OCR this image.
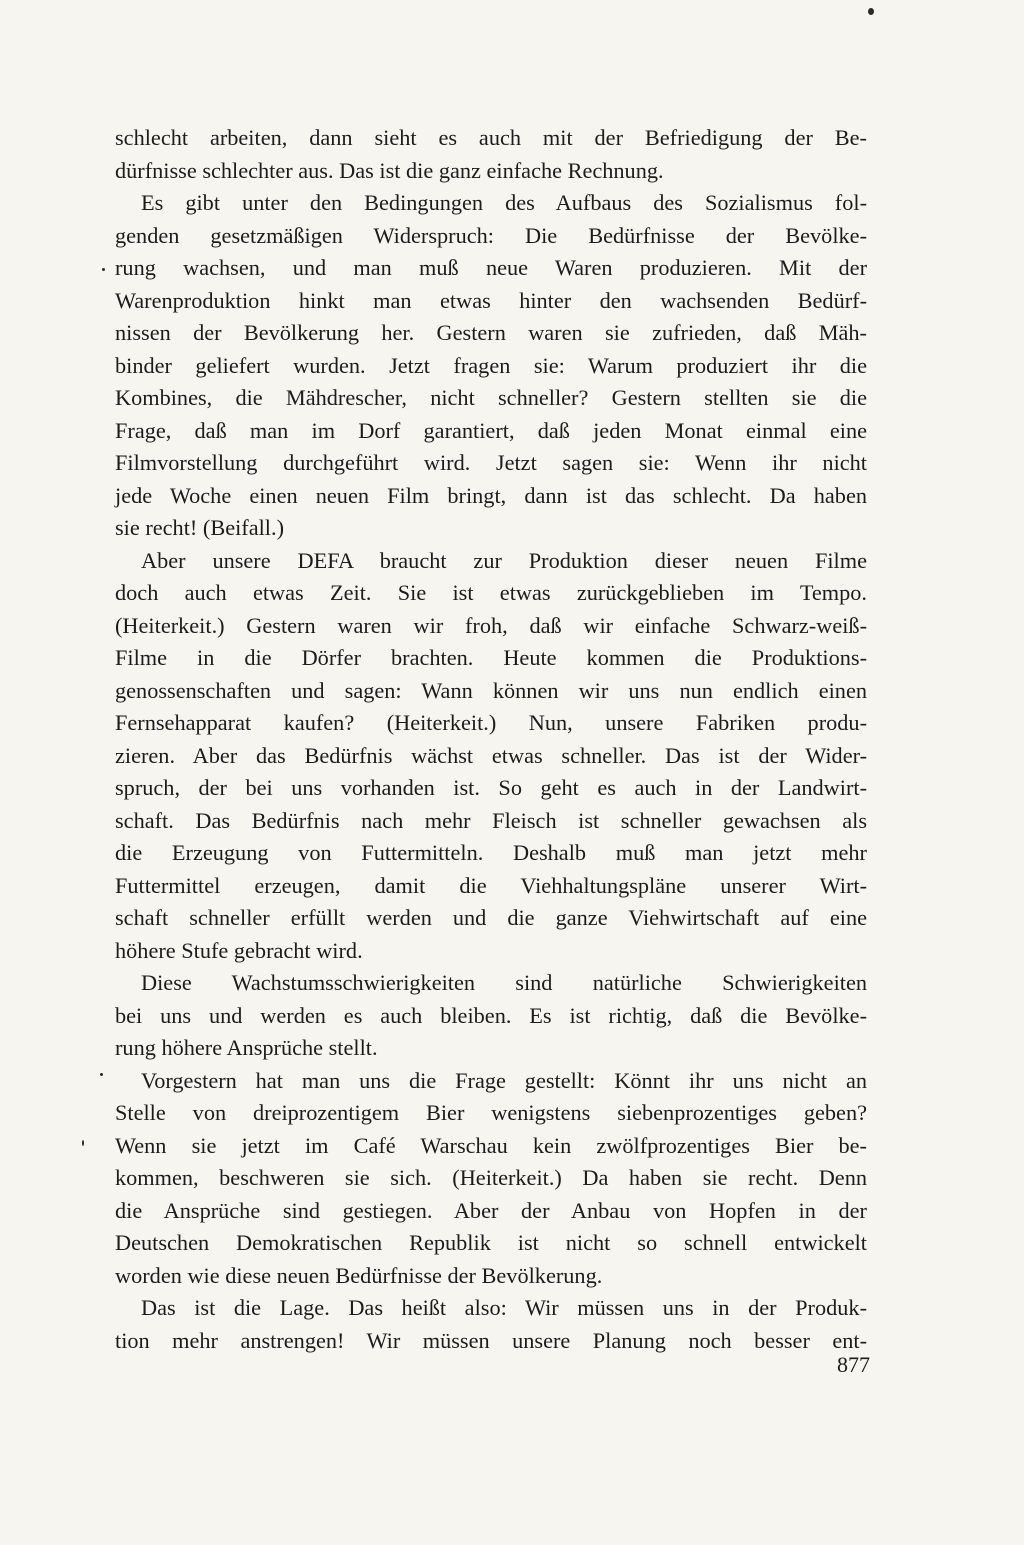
schlecht arbeiten, dann sieht es auch mit der Befriedigung der Be-
dürfnisse schlechter aus. Das ist die ganz einfache Rechnung.
Es gibt unter den Bedingungen des Aufbaus des Sozialismus fol-
genden gesetzmäßigen Widerspruch: Die Bedürfnisse der Bevölke-
rung wachsen, und man muß neue Waren produzieren. Mit der
Warenproduktion hinkt man etwas hinter den wachsenden Bedürf-
nissen der Bevölkerung her. Gestern waren sie zufrieden, daß Mäh-
binder geliefert wurden. Jetzt fragen sie: Warum produziert ihr die
Kombines, die Mähdrescher, nicht schneller? Gestern stellten sie die
Frage, daß man im Dorf garantiert, daß jeden Monat einmal eine
Filmvorstellung durchgeführt wird. Jetzt sagen sie: Wenn ihr nicht
jede Woche einen neuen Film bringt, dann ist das schlecht. Da haben
sie recht! (Beifall.)
Aber unsere DEFA braucht zur Produktion dieser neuen Filme
doch auch etwas Zeit. Sie ist etwas zurückgeblieben im Tempo.
(Heiterkeit.) Gestern waren wir froh, daß wir einfache Schwarz-weiß-
Filme in die Dörfer brachten. Heute kommen die Produktions-
genossenschaften und sagen: Wann können wir uns nun endlich einen
Fernsehapparat kaufen? (Heiterkeit.) Nun, unsere Fabriken produ-
zieren. Aber das Bedürfnis wächst etwas schneller. Das ist der Wider-
spruch, der bei uns vorhanden ist. So geht es auch in der Landwirt-
schaft. Das Bedürfnis nach mehr Fleisch ist schneller gewachsen als
die Erzeugung von Futtermitteln. Deshalb muß man jetzt mehr
Futtermittel erzeugen, damit die Viehhaltungspläne unserer Wirt-
schaft schneller erfüllt werden und die ganze Viehwirtschaft auf eine
höhere Stufe gebracht wird.
Diese Wachstumsschwierigkeiten sind natürliche Schwierigkeiten
bei uns und werden es auch bleiben. Es ist richtig, daß die Bevölke-
rung höhere Ansprüche stellt.
Vorgestern hat man uns die Frage gestellt: Könnt ihr uns nicht an
Stelle von dreiprozentigem Bier wenigstens siebenprozentiges geben?
Wenn sie jetzt im Café Warschau kein zwölfprozentiges Bier be-
kommen, beschweren sie sich. (Heiterkeit.) Da haben sie recht. Denn
die Ansprüche sind gestiegen. Aber der Anbau von Hopfen in der
Deutschen Demokratischen Republik ist nicht so schnell entwickelt
worden wie diese neuen Bedürfnisse der Bevölkerung.
Das ist die Lage. Das heißt also: Wir müssen uns in der Produk-
tion mehr anstrengen! Wir müssen unsere Planung noch besser ent-
877
